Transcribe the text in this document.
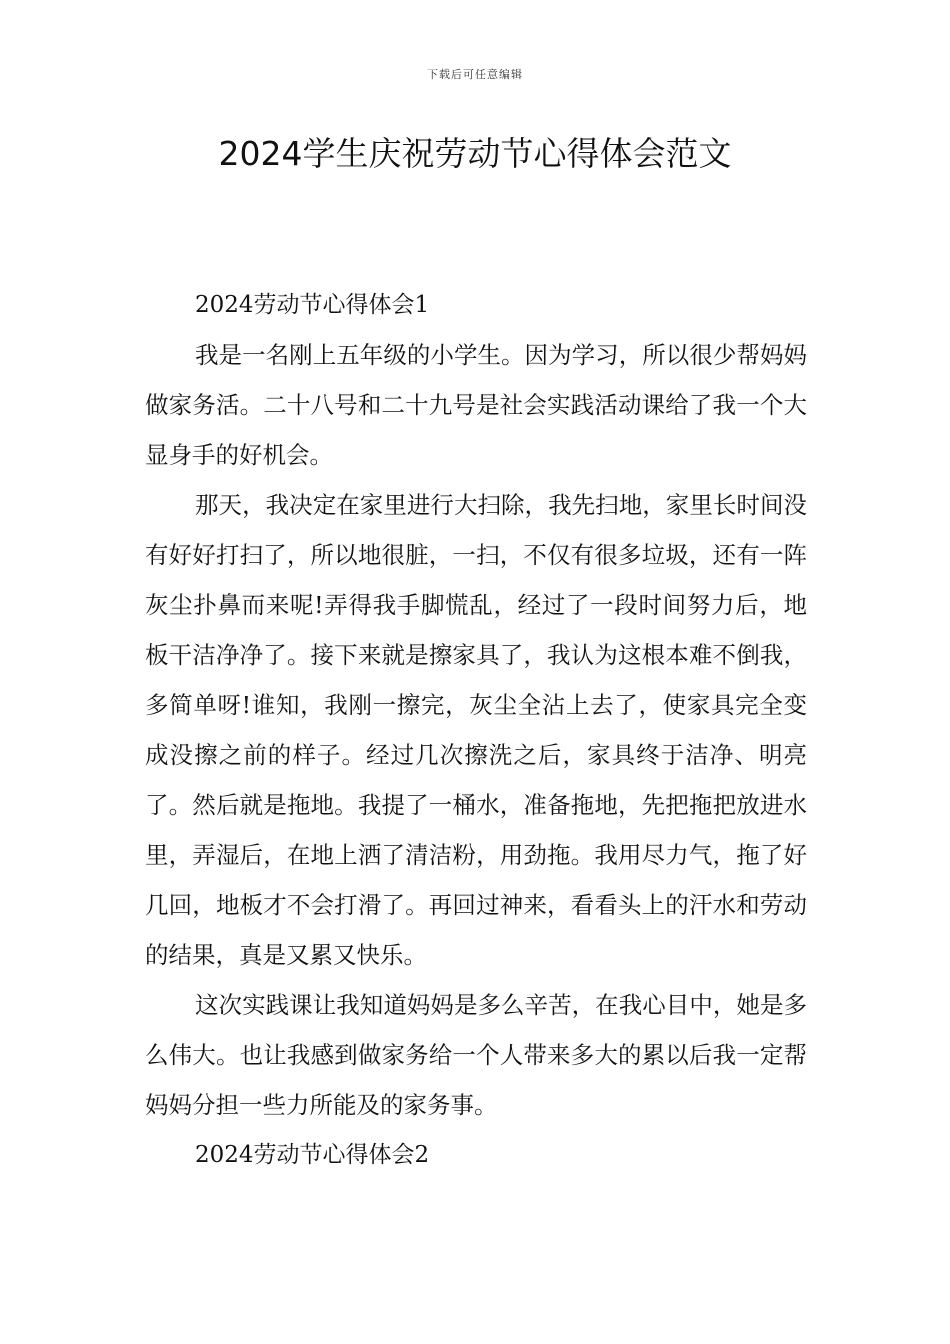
下载后可任意编辑
2024学生庆祝劳动节心得体会范文

2024劳动节心得体会1

我是一名刚上五年级的小学生。因为学习，所以很少帮妈妈做家务活。二十八号和二十九号是社会实践活动课给了我一个大显身手的好机会。

那天，我决定在家里进行大扫除，我先扫地，家里长时间没有好好打扫了，所以地很脏，一扫，不仅有很多垃圾，还有一阵灰尘扑鼻而来呢!弄得我手脚慌乱，经过了一段时间努力后，地板干洁净净了。接下来就是擦家具了，我认为这根本难不倒我，多简单呀!谁知，我刚一擦完，灰尘全沾上去了，使家具完全变成没擦之前的样子。经过几次擦洗之后，家具终于洁净、明亮了。然后就是拖地。我提了一桶水，准备拖地，先把拖把放进水里，弄湿后，在地上洒了清洁粉，用劲拖。我用尽力气，拖了好几回，地板才不会打滑了。再回过神来，看看头上的汗水和劳动的结果，真是又累又快乐。

这次实践课让我知道妈妈是多么辛苦，在我心目中，她是多么伟大。也让我感到做家务给一个人带来多大的累以后我一定帮妈妈分担一些力所能及的家务事。

2024劳动节心得体会2
